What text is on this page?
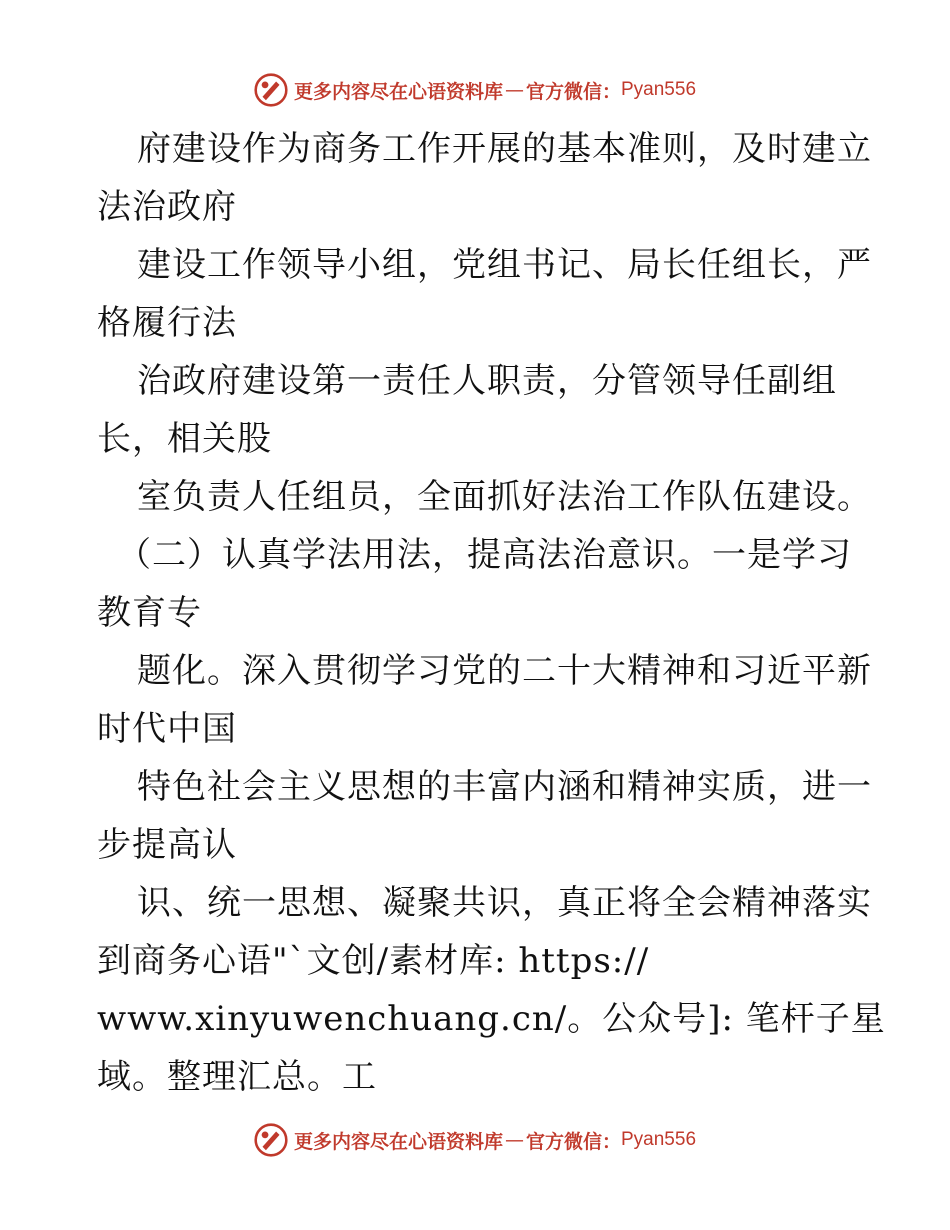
更多内容尽在心语资料库 — 官方微信： Pyan556
府建设作为商务工作开展的基本准则，及时建立
法治政府
建设工作领导小组，党组书记、局长任组长，严
格履行法
治政府建设第一责任人职责，分管领导任副组
长，相关股
室负责人任组员，全面抓好法治工作队伍建设。
（二）认真学法用法，提高法治意识。一是学习
教育专
题化。深入贯彻学习党的二十大精神和习近平新
时代中国
特色社会主义思想的丰富内涵和精神实质，进一
步提高认
识、统一思想、凝聚共识，真正将全会精神落实
到商务心语"`文创/素材库: https://
www.xinyuwenchuang.cn/。公众号]: 笔杆子星
域。整理汇总。工
更多内容尽在心语资料库 — 官方微信： Pyan556
